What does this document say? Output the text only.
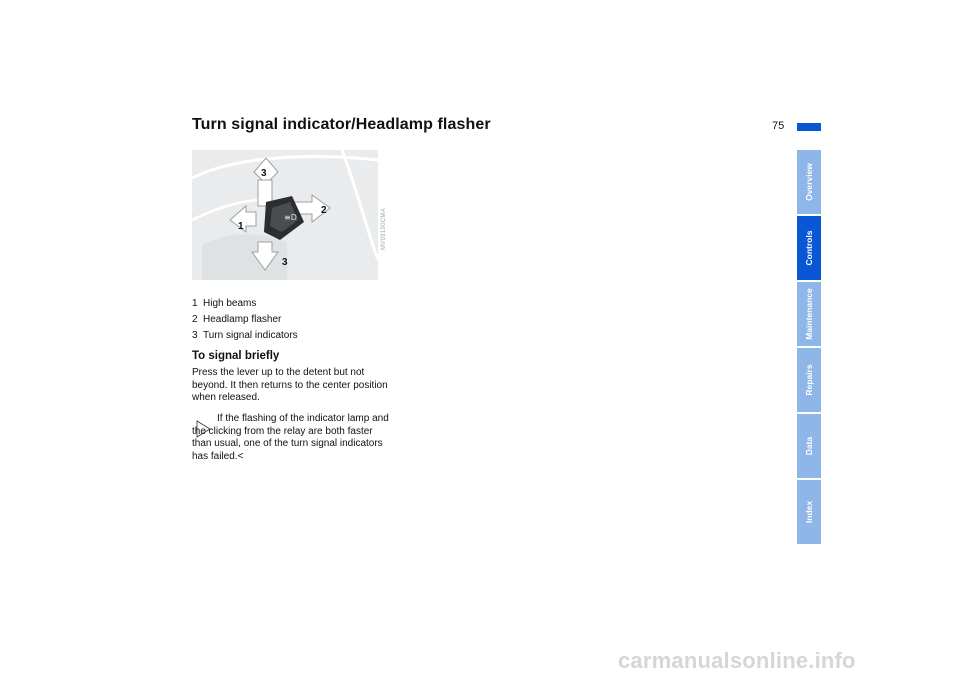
Turn signal indicator/Headlamp flasher	75
≡D
3
2
1
3
MV09190CMA
1 High beams
2 Headlamp flasher
3 Turn signal indicators
To signal briefly
Press the lever up to the detent but not beyond. It then returns to the center position when released.
If the flashing of the indicator lamp and the clicking from the relay are both faster than usual, one of the turn signal indicators has failed.<
Overview
Controls
Maintenance
Repairs
Data
Index
carmanualsonline.info
